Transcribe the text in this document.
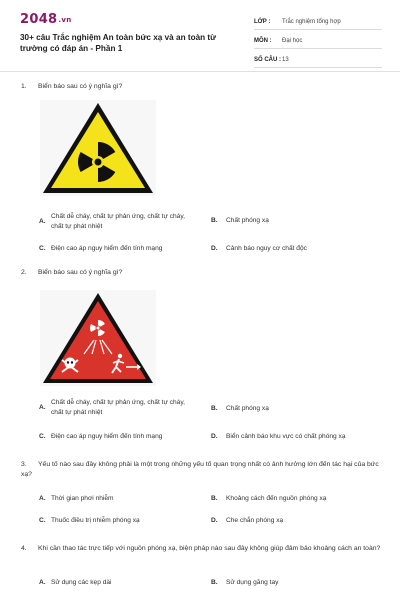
2048.vn
30+ câu Trắc nghiệm An toàn bức xạ và an toàn từ trường có đáp án - Phần 1
LỚP :	Trắc nghiệm tổng hợp
MÔN :	Đại học
SỐ CÂU : 13
1. Biển báo sau có ý nghĩa gì?
A.
Chất dễ cháy, chất tự phản ứng, chất tự cháy, chất tự phát nhiệt
B. Chất phóng xạ
C. Điện cao áp nguy hiểm đến tính mạng	D. Cảnh báo nguy cơ chất độc
2. Biển báo sau có ý nghĩa gì?
A.
Chất dễ cháy, chất tự phản ứng, chất tự cháy, chất tự phát nhiệt
B. Chất phóng xạ
C. Điện cao áp nguy hiểm đến tính mạng	D. Biển cảnh báo khu vực có chất phóng xạ
3. Yếu tố nào sau đây không phải là một trong những yếu tố quan trọng nhất có ảnh hưởng lớn đến tác hại của bức xạ?
A. Thời gian phơi nhiễm	B. Khoảng cách đến nguồn phóng xạ
C. Thuốc điều trị nhiễm phóng xạ	D. Che chắn phóng xạ
4. Khi cần thao tác trực tiếp với nguồn phóng xạ, biện pháp nào sau đây không giúp đảm bảo khoảng cách an toàn?
A. Sử dụng các kẹp dài	B. Sử dụng găng tay
